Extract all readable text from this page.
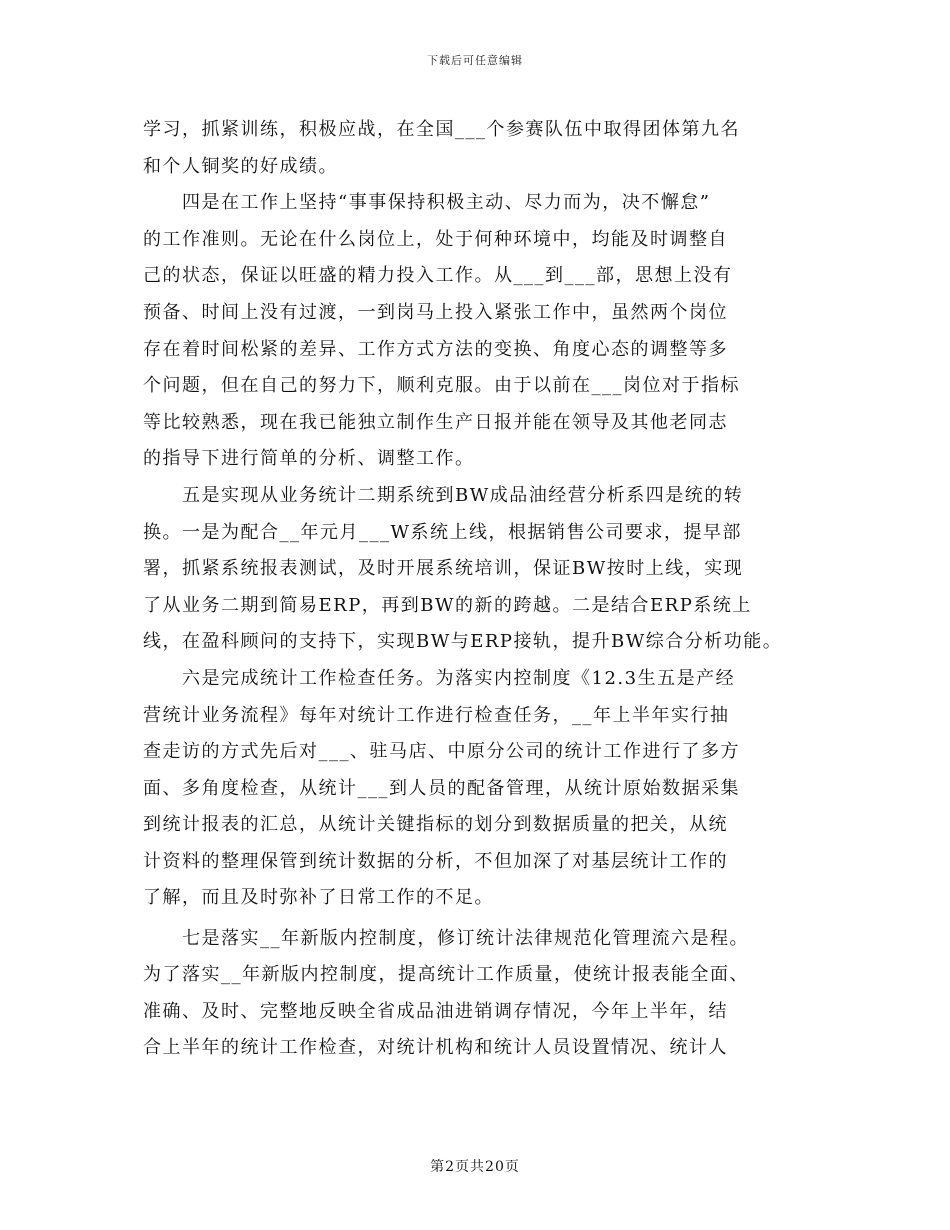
下载后可任意编辑
学习，抓紧训练，积极应战，在全国___个参赛队伍中取得团体第九名
和个人铜奖的好成绩。
　　四是在工作上坚持“事事保持积极主动、尽力而为，决不懈怠”
的工作准则。无论在什么岗位上，处于何种环境中，均能及时调整自
己的状态，保证以旺盛的精力投入工作。从___到___部，思想上没有
预备、时间上没有过渡，一到岗马上投入紧张工作中，虽然两个岗位
存在着时间松紧的差异、工作方式方法的变换、角度心态的调整等多
个问题，但在自己的努力下，顺利克服。由于以前在___岗位对于指标
等比较熟悉，现在我已能独立制作生产日报并能在领导及其他老同志
的指导下进行简单的分析、调整工作。
　　五是实现从业务统计二期系统到BW成品油经营分析系四是统的转
换。一是为配合__年元月___W系统上线，根据销售公司要求，提早部
署，抓紧系统报表测试，及时开展系统培训，保证BW按时上线，实现
了从业务二期到简易ERP，再到BW的新的跨越。二是结合ERP系统上
线，在盈科顾问的支持下，实现BW与ERP接轨，提升BW综合分析功能。
　　六是完成统计工作检查任务。为落实内控制度《12.3生五是产经
营统计业务流程》每年对统计工作进行检查任务，__年上半年实行抽
查走访的方式先后对___、驻马店、中原分公司的统计工作进行了多方
面、多角度检查，从统计___到人员的配备管理，从统计原始数据采集
到统计报表的汇总，从统计关键指标的划分到数据质量的把关，从统
计资料的整理保管到统计数据的分析，不但加深了对基层统计工作的
了解，而且及时弥补了日常工作的不足。
　　七是落实__年新版内控制度，修订统计法律规范化管理流六是程。
为了落实__年新版内控制度，提高统计工作质量，使统计报表能全面、
准确、及时、完整地反映全省成品油进销调存情况，今年上半年，结
合上半年的统计工作检查，对统计机构和统计人员设置情况、统计人
第2页共20页
